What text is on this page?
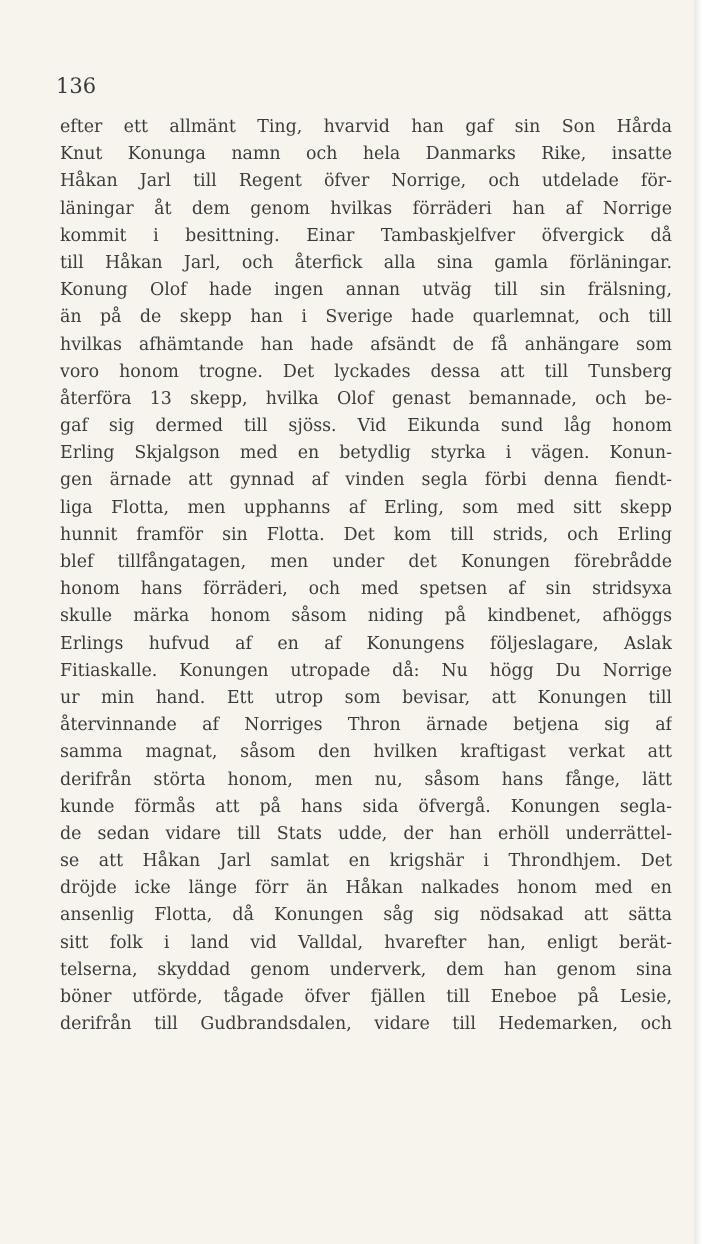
136
efter ett allmänt Ting, hvarvid han gaf sin Son Hårda
Knut Konunga namn och hela Danmarks Rike, insatte
Håkan Jarl till Regent öfver Norrige, och utdelade för-
läningar åt dem genom hvilkas förräderi han af Norrige
kommit i besittning. Einar Tambaskjelfver öfvergick då
till Håkan Jarl, och återfick alla sina gamla förläningar.
Konung Olof hade ingen annan utväg till sin frälsning,
än på de skepp han i Sverige hade quarlemnat, och till
hvilkas afhämtande han hade afsändt de få anhängare som
voro honom trogne. Det lyckades dessa att till Tunsberg
återföra 13 skepp, hvilka Olof genast bemannade, och be-
gaf sig dermed till sjöss. Vid Eikunda sund låg honom
Erling Skjalgson med en betydlig styrka i vägen. Konun-
gen ärnade att gynnad af vinden segla förbi denna fiendt-
liga Flotta, men upphanns af Erling, som med sitt skepp
hunnit framför sin Flotta. Det kom till strids, och Erling
blef tillfångatagen, men under det Konungen förebrådde
honom hans förräderi, och med spetsen af sin stridsyxa
skulle märka honom såsom niding på kindbenet, afhöggs
Erlings hufvud af en af Konungens följeslagare, Aslak
Fitiaskalle. Konungen utropade då: Nu högg Du Norrige
ur min hand. Ett utrop som bevisar, att Konungen till
återvinnande af Norriges Thron ärnade betjena sig af
samma magnat, såsom den hvilken kraftigast verkat att
derifrån störta honom, men nu, såsom hans fånge, lätt
kunde förmås att på hans sida öfvergå. Konungen segla-
de sedan vidare till Stats udde, der han erhöll underrättel-
se att Håkan Jarl samlat en krigshär i Throndhjem. Det
dröjde icke länge förr än Håkan nalkades honom med en
ansenlig Flotta, då Konungen såg sig nödsakad att sätta
sitt folk i land vid Valldal, hvarefter han, enligt berät-
telserna, skyddad genom underverk, dem han genom sina
böner utförde, tågade öfver fjällen till Eneboe på Lesie,
derifrån till Gudbrandsdalen, vidare till Hedemarken, och
